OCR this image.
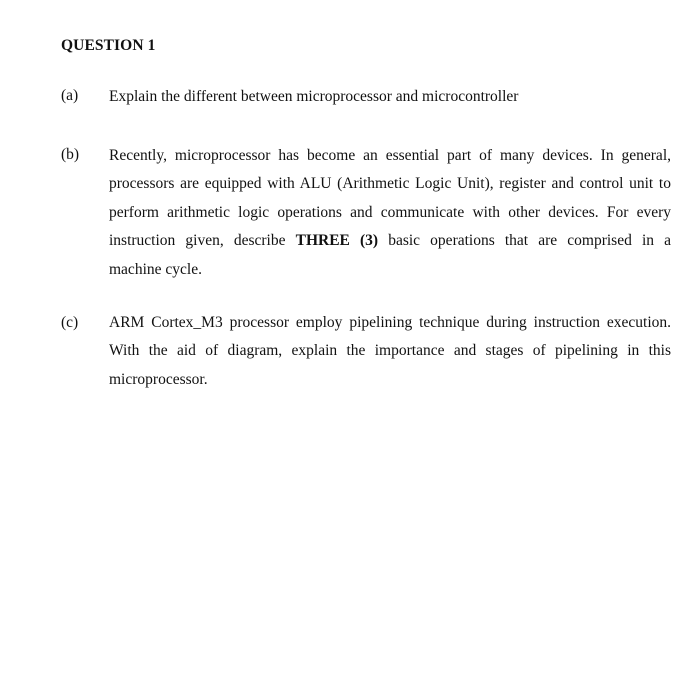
QUESTION 1
(a) Explain the different between microprocessor and microcontroller
(b) Recently, microprocessor has become an essential part of many devices. In general,
processors are equipped with ALU (Arithmetic Logic Unit), register and control unit to
perform arithmetic logic operations and communicate with other devices. For every
instruction given, describe THREE (3) basic operations that are comprised in a
machine cycle.
(c) ARM Cortex_M3 processor employ pipelining technique during instruction execution.
With the aid of diagram, explain the importance and stages of pipelining in this
microprocessor.
